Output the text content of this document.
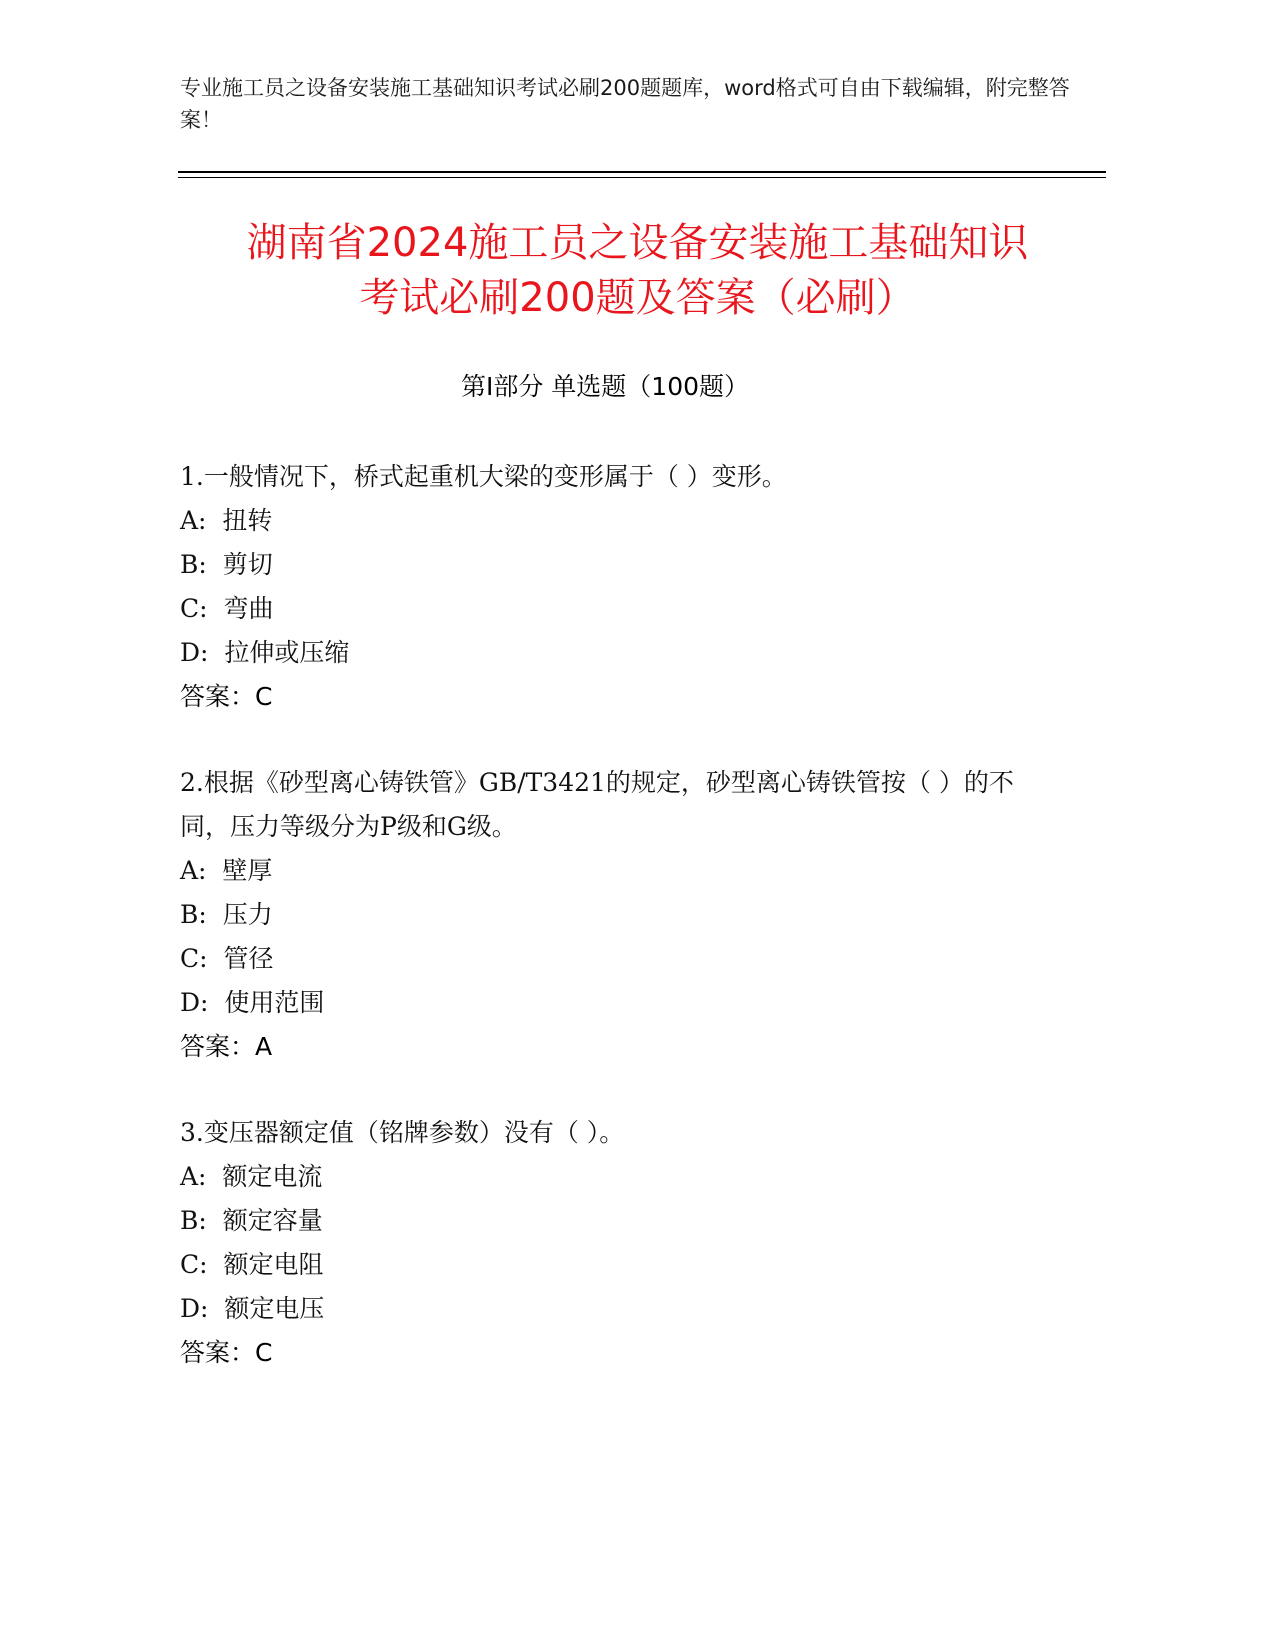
专业施工员之设备安装施工基础知识考试必刷200题题库，word格式可自由下载编辑，附完整答案！
湖南省2024施工员之设备安装施工基础知识
考试必刷200题及答案（必刷）
第I部分 单选题（100题）

1.一般情况下，桥式起重机大梁的变形属于（ ）变形。

A:  扭转

B:  剪切

C:  弯曲

D:  拉伸或压缩

答案：C

2.根据《砂型离心铸铁管》GB/T3421的规定，砂型离心铸铁管按（ ）的不同，压力等级分为P级和G级。

A:  壁厚

B:  压力

C:  管径

D:  使用范围

答案：A

3.变压器额定值（铭牌参数）没有（ ）。

A:  额定电流

B:  额定容量

C:  额定电阻

D:  额定电压

答案：C
